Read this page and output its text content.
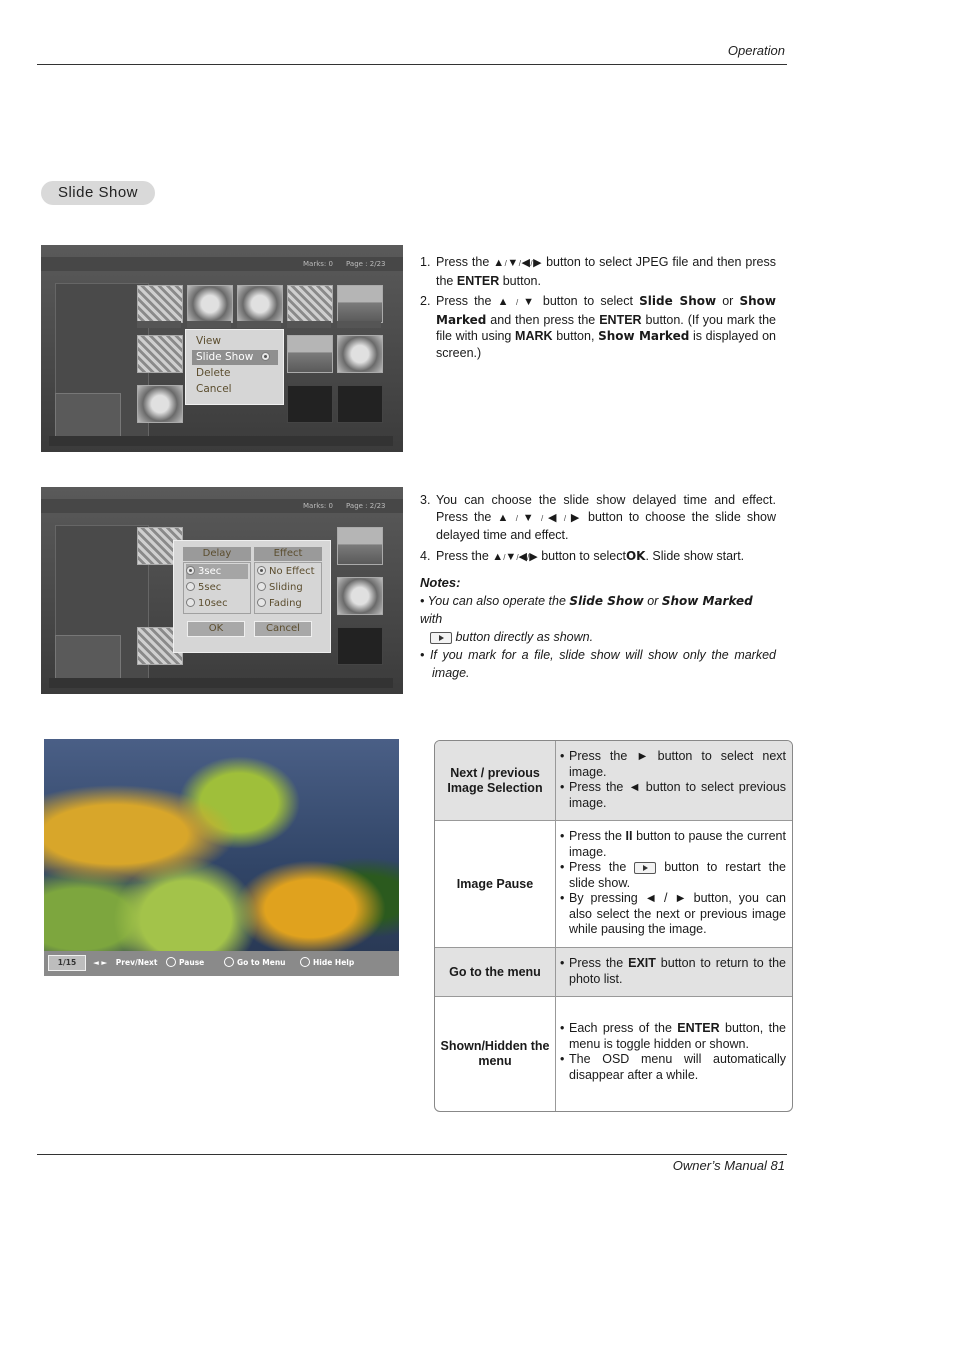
Operation
Slide Show
Marks: 0 Page : 2/23
View
Slide Show
Delete
Cancel
1. Press the ▲/▼/◀/▶ button to select JPEG file and then press the ENTER button.
2. Press the ▲ / ▼ button to select Slide Show or Show Marked and then press the ENTER button. (If you mark the file with using MARK button, Show Marked is displayed on screen.)
Marks: 0 Page : 2/23
Delay	Effect
3sec
5sec
10sec
No Effect
Sliding
Fading
OK	Cancel
3. You can choose the slide show delayed time and effect. Press the ▲ / ▼ / ◀ / ▶ button to choose the slide show delayed time and effect.
4. Press the ▲/▼/◀/▶ button to selectOK. Slide show start.
Notes:
• You can also operate the Slide Show or Show Marked with
button directly as shown.
• If you mark for a file, slide show will show only the marked image.
1/15	◄ ► Prev/Next	Pause	Go to Menu	Hide Help
Next / previous Image Selection
• Press the ► button to select next image.
• Press the ◄ button to select previous image.
Image Pause
• Press the II button to pause the current image.
• Press the	button to restart the slide show.
• By pressing ◄ / ► button, you can also select the next or previous image while pausing the image.
Go to the menu
• Press the EXIT button to return to the photo list.
Shown/Hidden the menu
• Each press of the ENTER button, the menu is toggle hidden or shown.
• The OSD menu will automatically disappear after a while.
Owner’s Manual 81
